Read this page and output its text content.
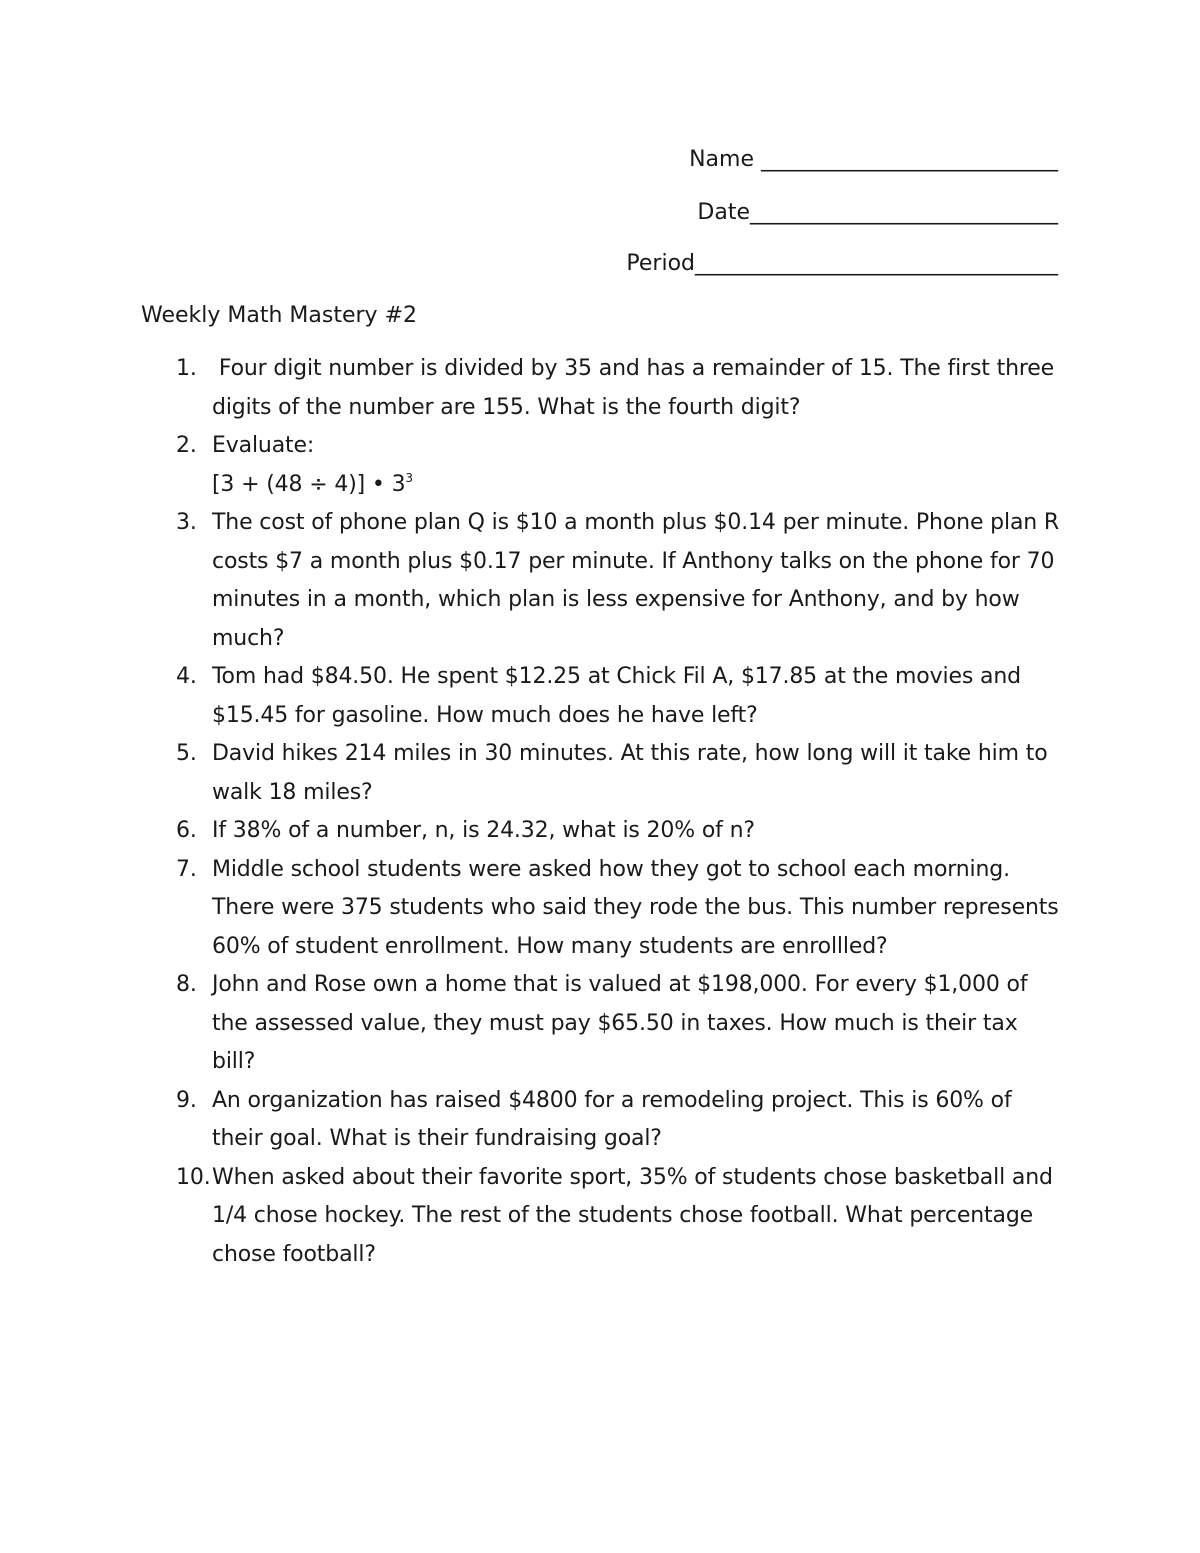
Name ___________________________
Date____________________________
Period_________________________________
Weekly Math Mastery #2
1. Four digit number is divided by 35 and has a remainder of 15. The first three digits of the number are 155. What is the fourth digit?
2. Evaluate:
[3 + (48 ÷ 4)] • $3^3$
3. The cost of phone plan Q is $10 a month plus $0.14 per minute. Phone plan R costs $7 a month plus $0.17 per minute. If Anthony talks on the phone for 70 minutes in a month, which plan is less expensive for Anthony, and by how much?
4. Tom had $84.50. He spent $12.25 at Chick Fil A, $17.85 at the movies and $15.45 for gasoline. How much does he have left?
5. David hikes 214 miles in 30 minutes. At this rate, how long will it take him to walk 18 miles?
6. If 38% of a number, n, is 24.32, what is 20% of n?
7. Middle school students were asked how they got to school each morning. There were 375 students who said they rode the bus. This number represents 60% of student enrollment. How many students are enrollled?
8. John and Rose own a home that is valued at $198,000. For every $1,000 of the assessed value, they must pay $65.50 in taxes. How much is their tax bill?
9. An organization has raised $4800 for a remodeling project. This is 60% of their goal. What is their fundraising goal?
10. When asked about their favorite sport, 35% of students chose basketball and 1/4 chose hockey. The rest of the students chose football. What percentage chose football?
